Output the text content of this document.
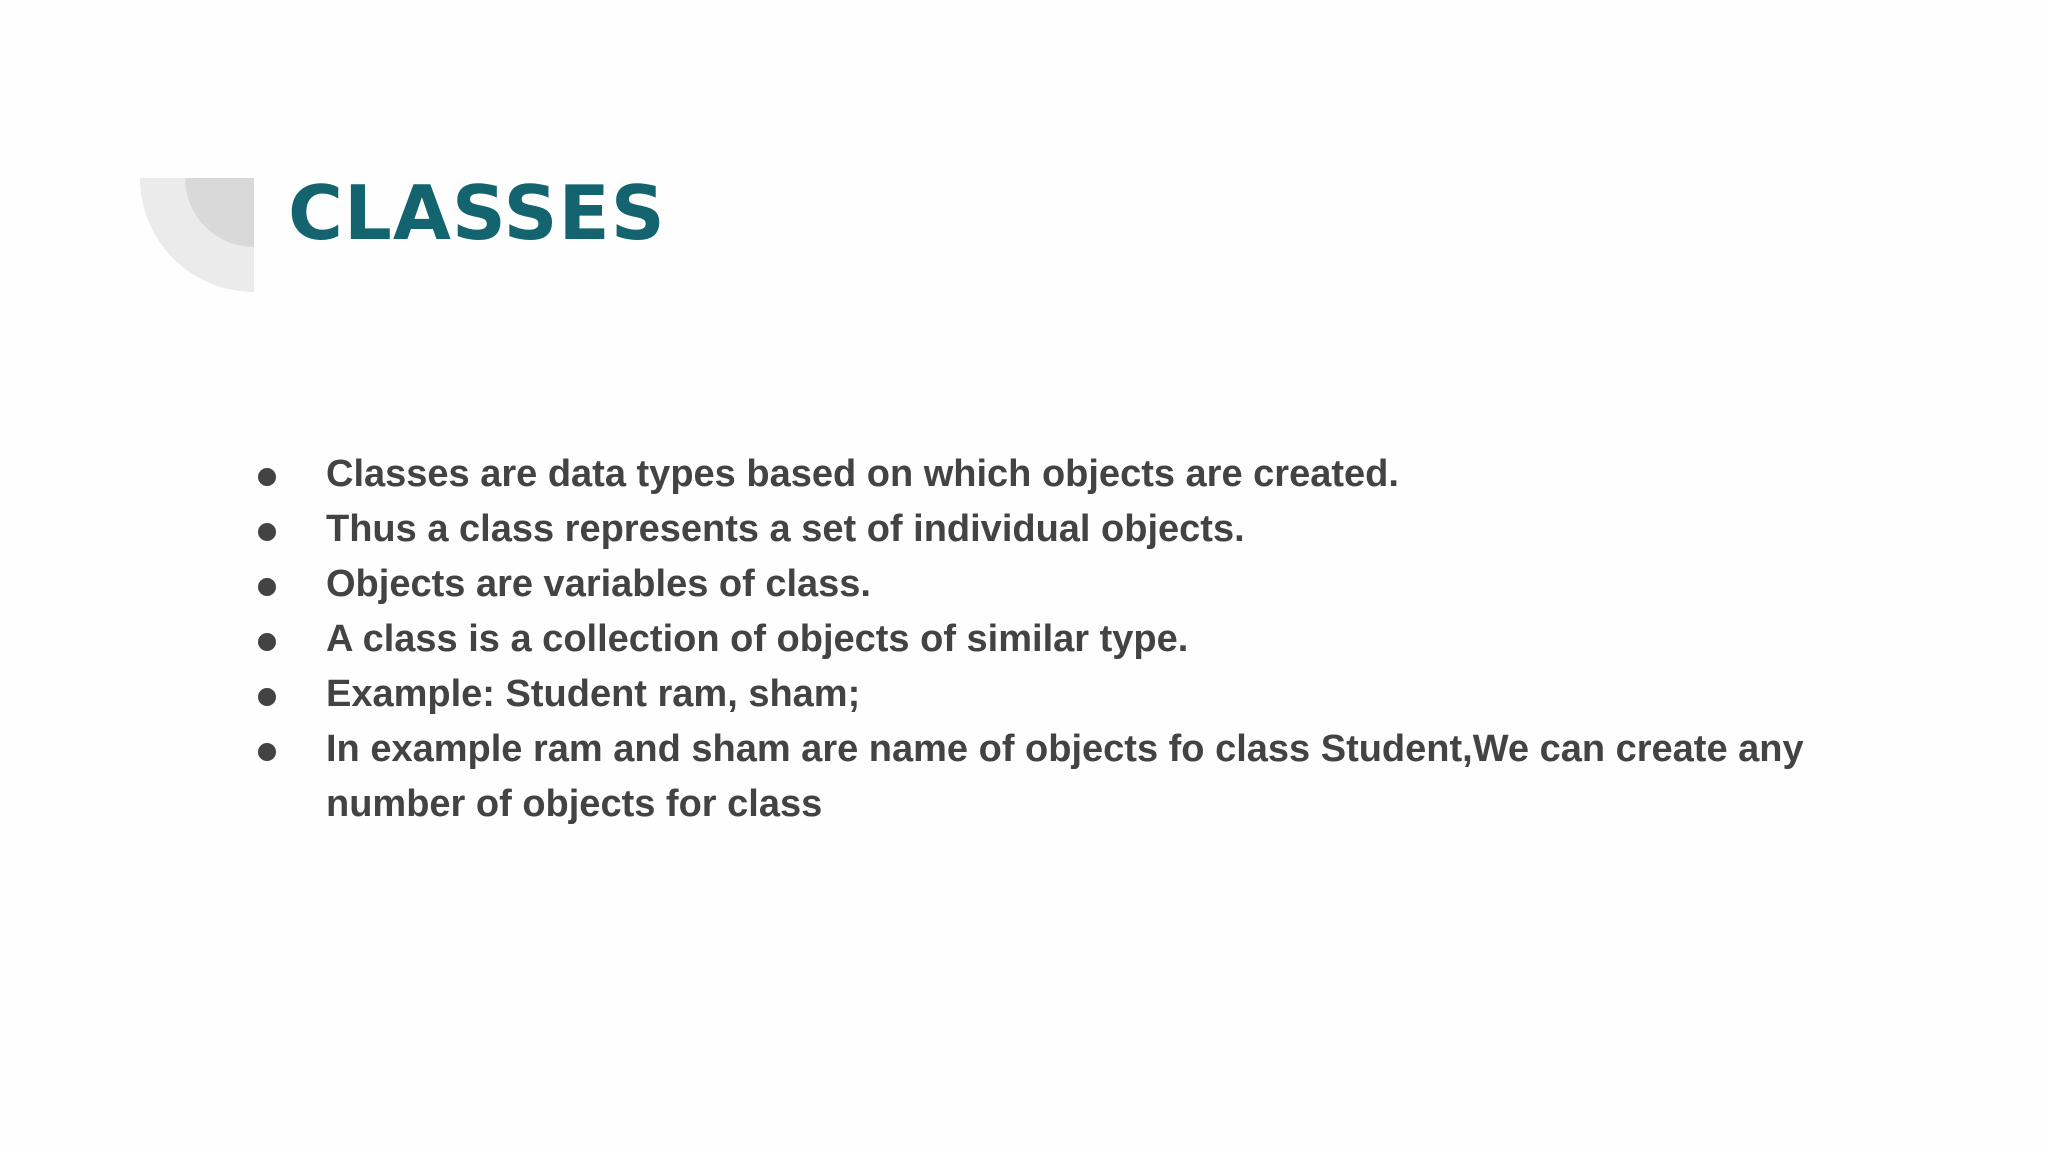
CLASSES
Classes are data types based on which objects are created.
Thus a class represents a set of individual objects.
Objects are variables of class.
A class is a collection of objects of similar type.
Example: Student ram, sham;
In example ram and sham are name of objects fo class Student,We can create any number of objects for class
